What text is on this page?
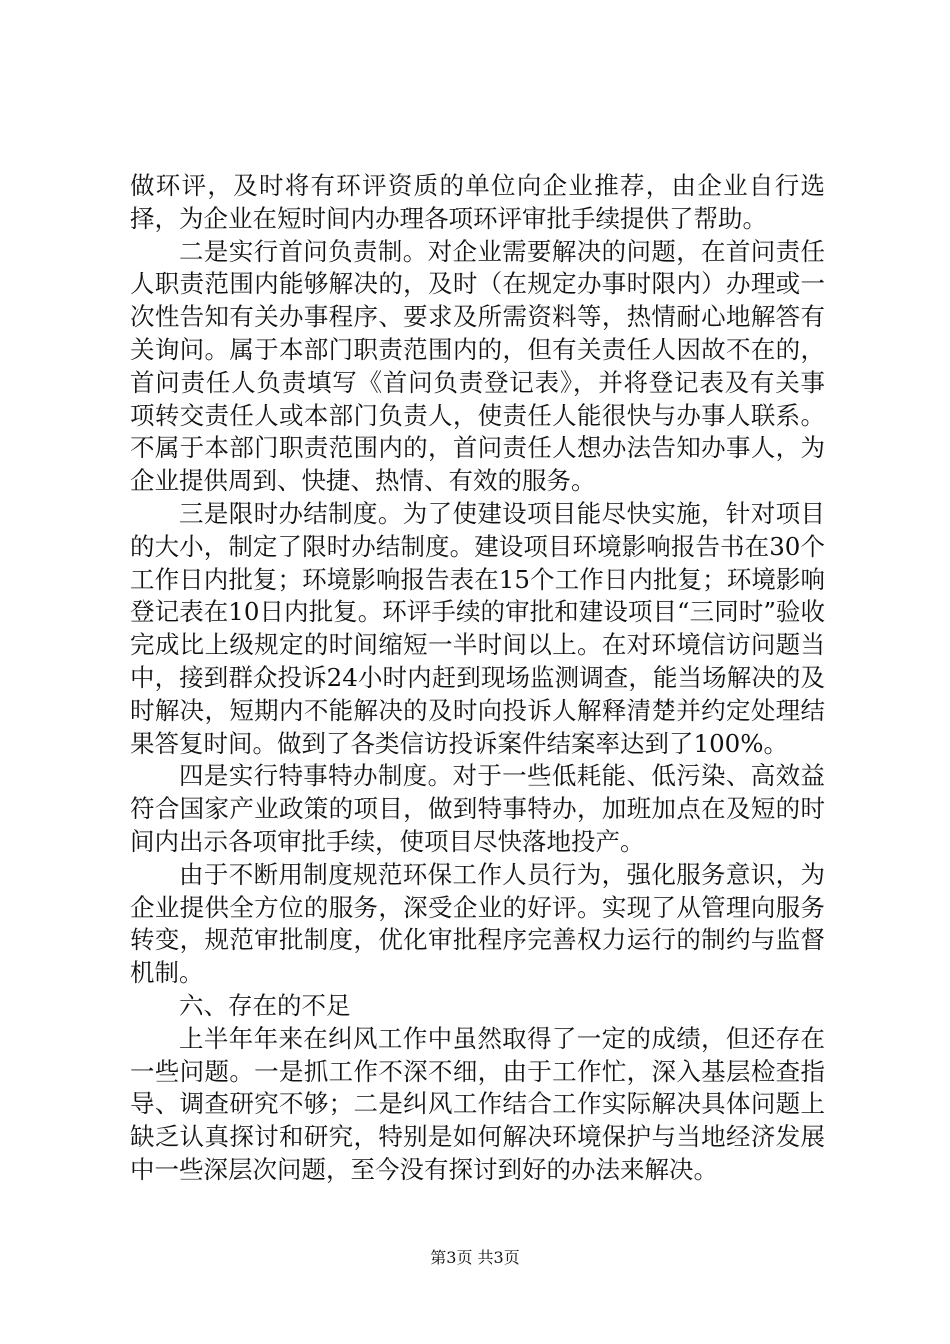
做环评，及时将有环评资质的单位向企业推荐，由企业自行选择，为企业在短时间内办理各项环评审批手续提供了帮助。

二是实行首问负责制。对企业需要解决的问题，在首问责任人职责范围内能够解决的，及时（在规定办事时限内）办理或一次性告知有关办事程序、要求及所需资料等，热情耐心地解答有关询问。属于本部门职责范围内的，但有关责任人因故不在的，首问责任人负责填写《首问负责登记表》，并将登记表及有关事项转交责任人或本部门负责人，使责任人能很快与办事人联系。不属于本部门职责范围内的，首问责任人想办法告知办事人，为企业提供周到、快捷、热情、有效的服务。

三是限时办结制度。为了使建设项目能尽快实施，针对项目的大小，制定了限时办结制度。建设项目环境影响报告书在30个工作日内批复；环境影响报告表在15个工作日内批复；环境影响登记表在10日内批复。环评手续的审批和建设项目“三同时”验收完成比上级规定的时间缩短一半时间以上。在对环境信访问题当中，接到群众投诉24小时内赶到现场监测调查，能当场解决的及时解决，短期内不能解决的及时向投诉人解释清楚并约定处理结果答复时间。做到了各类信访投诉案件结案率达到了100%。

四是实行特事特办制度。对于一些低耗能、低污染、高效益符合国家产业政策的项目，做到特事特办，加班加点在及短的时间内出示各项审批手续，使项目尽快落地投产。

由于不断用制度规范环保工作人员行为，强化服务意识，为企业提供全方位的服务，深受企业的好评。实现了从管理向服务转变，规范审批制度，优化审批程序完善权力运行的制约与监督机制。

六、存在的不足

上半年年来在纠风工作中虽然取得了一定的成绩，但还存在一些问题。一是抓工作不深不细，由于工作忙，深入基层检查指导、调查研究不够；二是纠风工作结合工作实际解决具体问题上缺乏认真探讨和研究，特别是如何解决环境保护与当地经济发展中一些深层次问题，至今没有探讨到好的办法来解决。

第3页 共3页
